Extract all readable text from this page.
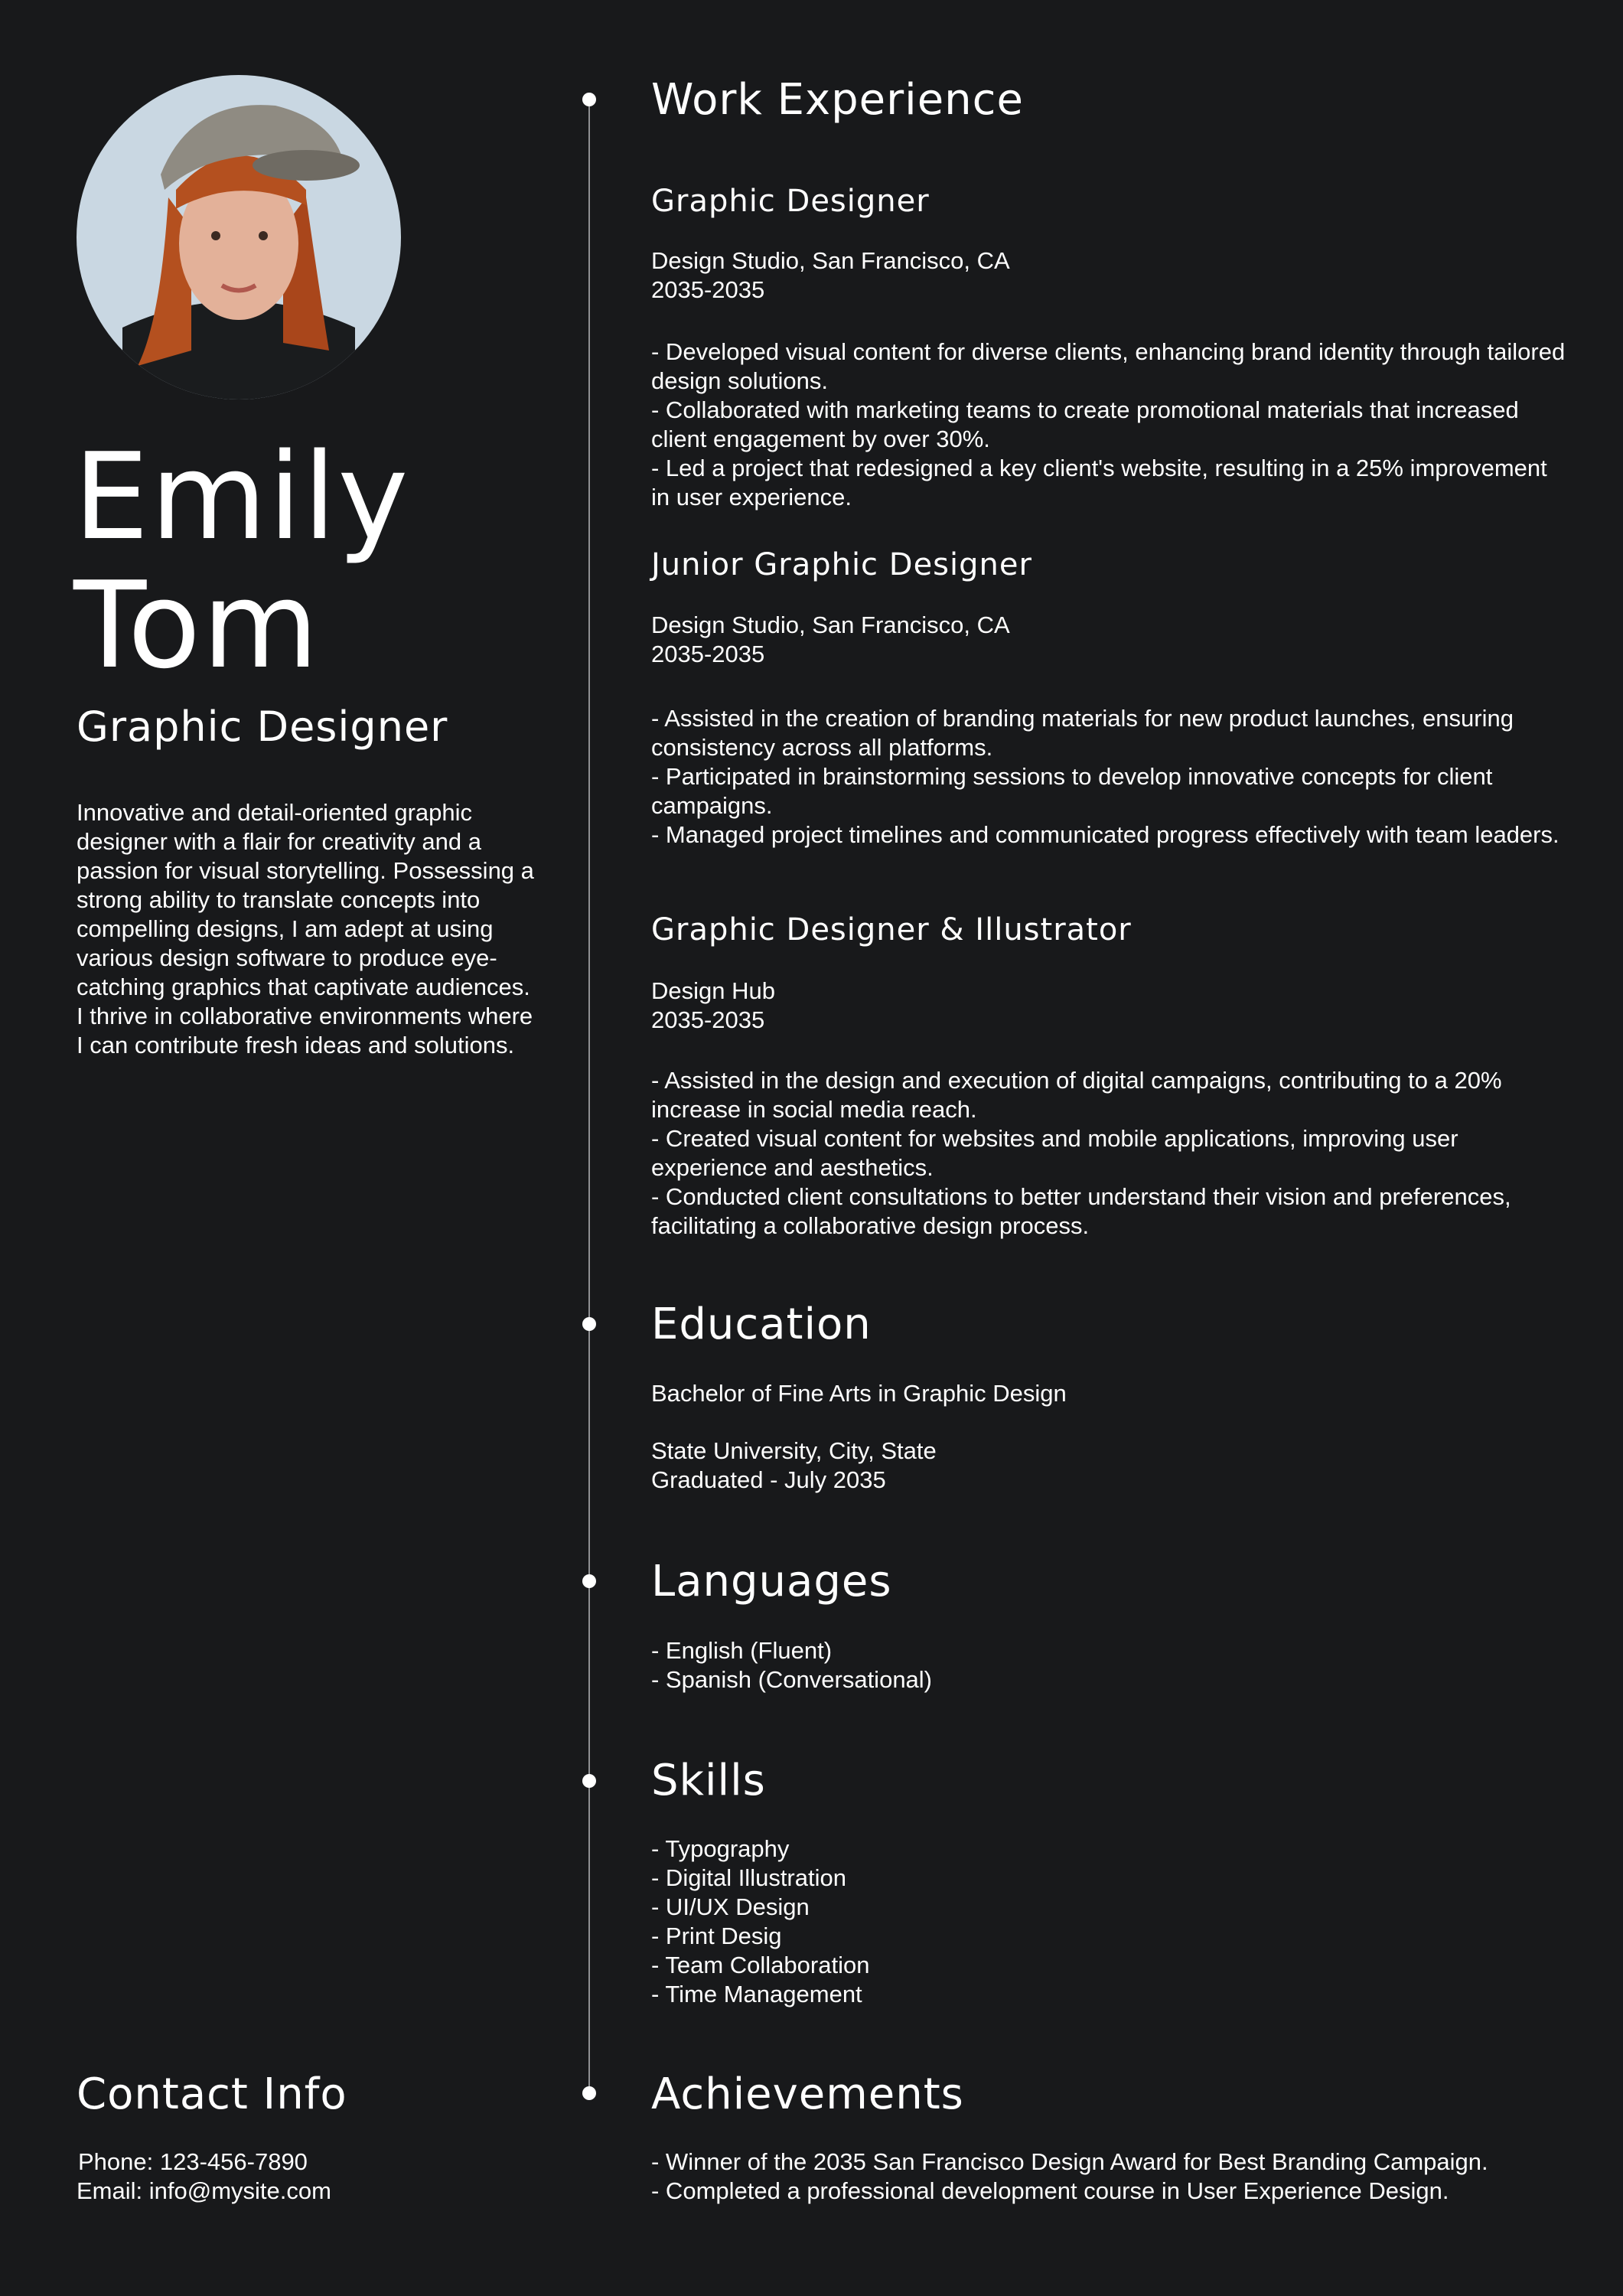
Emily
Tom
Graphic Designer

Innovative and detail-oriented graphic designer with a flair for creativity and a passion for visual storytelling. Possessing a strong ability to translate concepts into compelling designs, I am adept at using various design software to produce eye-catching graphics that captivate audiences. I thrive in collaborative environments where I can contribute fresh ideas and solutions.

Contact Info
Phone: 123-456-7890
Email: info@mysite.com
Work Experience
Graphic Designer
Design Studio, San Francisco, CA
2035-2035

- Developed visual content for diverse clients, enhancing brand identity through tailored design solutions.

- Collaborated with marketing teams to create promotional materials that increased client engagement by over 30%.

- Led a project that redesigned a key client's website, resulting in a 25% improvement in user experience.

Junior Graphic Designer
Design Studio, San Francisco, CA
2035-2035

- Assisted in the creation of branding materials for new product launches, ensuring consistency across all platforms.

- Participated in brainstorming sessions to develop innovative concepts for client campaigns.

- Managed project timelines and communicated progress effectively with team leaders.

Graphic Designer & Illustrator
Design Hub
2035-2035

- Assisted in the design and execution of digital campaigns, contributing to a 20% increase in social media reach.

- Created visual content for websites and mobile applications, improving user experience and aesthetics.

- Conducted client consultations to better understand their vision and preferences, facilitating a collaborative design process.

Education
Bachelor of Fine Arts in Graphic Design
State University, City, State
Graduated - July 2035
Languages
- English (Fluent)
- Spanish (Conversational)
Skills
- Typography
- Digital Illustration
- UI/UX Design
- Print Desig
- Team Collaboration
- Time Management
Achievements
- Winner of the 2035 San Francisco Design Award for Best Branding Campaign.
- Completed a professional development course in User Experience Design.
